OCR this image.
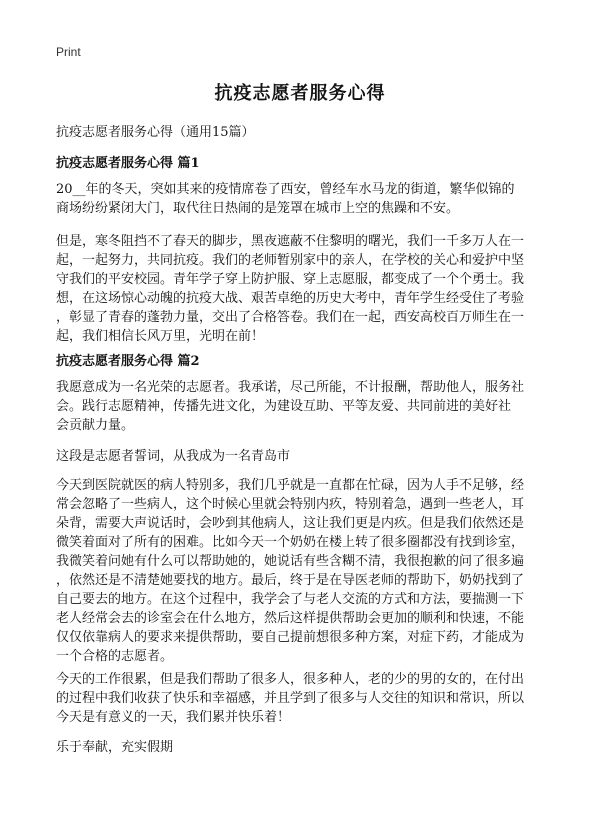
Print
抗疫志愿者服务心得
抗疫志愿者服务心得（通用15篇）
抗疫志愿者服务心得 篇1
20__年的冬天，突如其来的疫情席卷了西安，曾经车水马龙的街道，繁华似锦的
商场纷纷紧闭大门，取代往日热闹的是笼罩在城市上空的焦躁和不安。
但是，寒冬阻挡不了春天的脚步，黑夜遮蔽不住黎明的曙光，我们一千多万人在一
起，一起努力，共同抗疫。我们的老师暂别家中的亲人，在学校的关心和爱护中坚
守我们的平安校园。青年学子穿上防护服、穿上志愿服，都变成了一个个勇士。我
想，在这场惊心动魄的抗疫大战、艰苦卓绝的历史大考中，青年学生经受住了考验
，彰显了青春的蓬勃力量，交出了合格答卷。我们在一起，西安高校百万师生在一
起，我们相信长风万里，光明在前！
抗疫志愿者服务心得 篇2
我愿意成为一名光荣的志愿者。我承诺，尽己所能，不计报酬，帮助他人，服务社
会。践行志愿精神，传播先进文化，为建设互助、平等友爱、共同前进的美好社
会贡献力量。
这段是志愿者誓词，从我成为一名青岛市
今天到医院就医的病人特别多，我们几乎就是一直都在忙碌，因为人手不足够，经
常会忽略了一些病人，这个时候心里就会特别内疚，特别着急，遇到一些老人，耳
朵背，需要大声说话时，会吵到其他病人，这让我们更是内疚。但是我们依然还是
微笑着面对了所有的困难。比如今天一个奶奶在楼上转了很多圈都没有找到诊室，
我微笑着问她有什么可以帮助她的，她说话有些含糊不清，我很抱歉的问了很多遍
，依然还是不清楚她要找的地方。最后，终于是在导医老师的帮助下，奶奶找到了
自己要去的地方。在这个过程中，我学会了与老人交流的方式和方法，要揣测一下
老人经常会去的诊室会在什么地方，然后这样提供帮助会更加的顺利和快速，不能
仅仅依靠病人的要求来提供帮助，要自己提前想很多种方案，对症下药，才能成为
一个合格的志愿者。
今天的工作很累，但是我们帮助了很多人，很多种人，老的少的男的女的，在付出
的过程中我们收获了快乐和幸福感，并且学到了很多与人交往的知识和常识，所以
今天是有意义的一天，我们累并快乐着！
乐于奉献，充实假期
